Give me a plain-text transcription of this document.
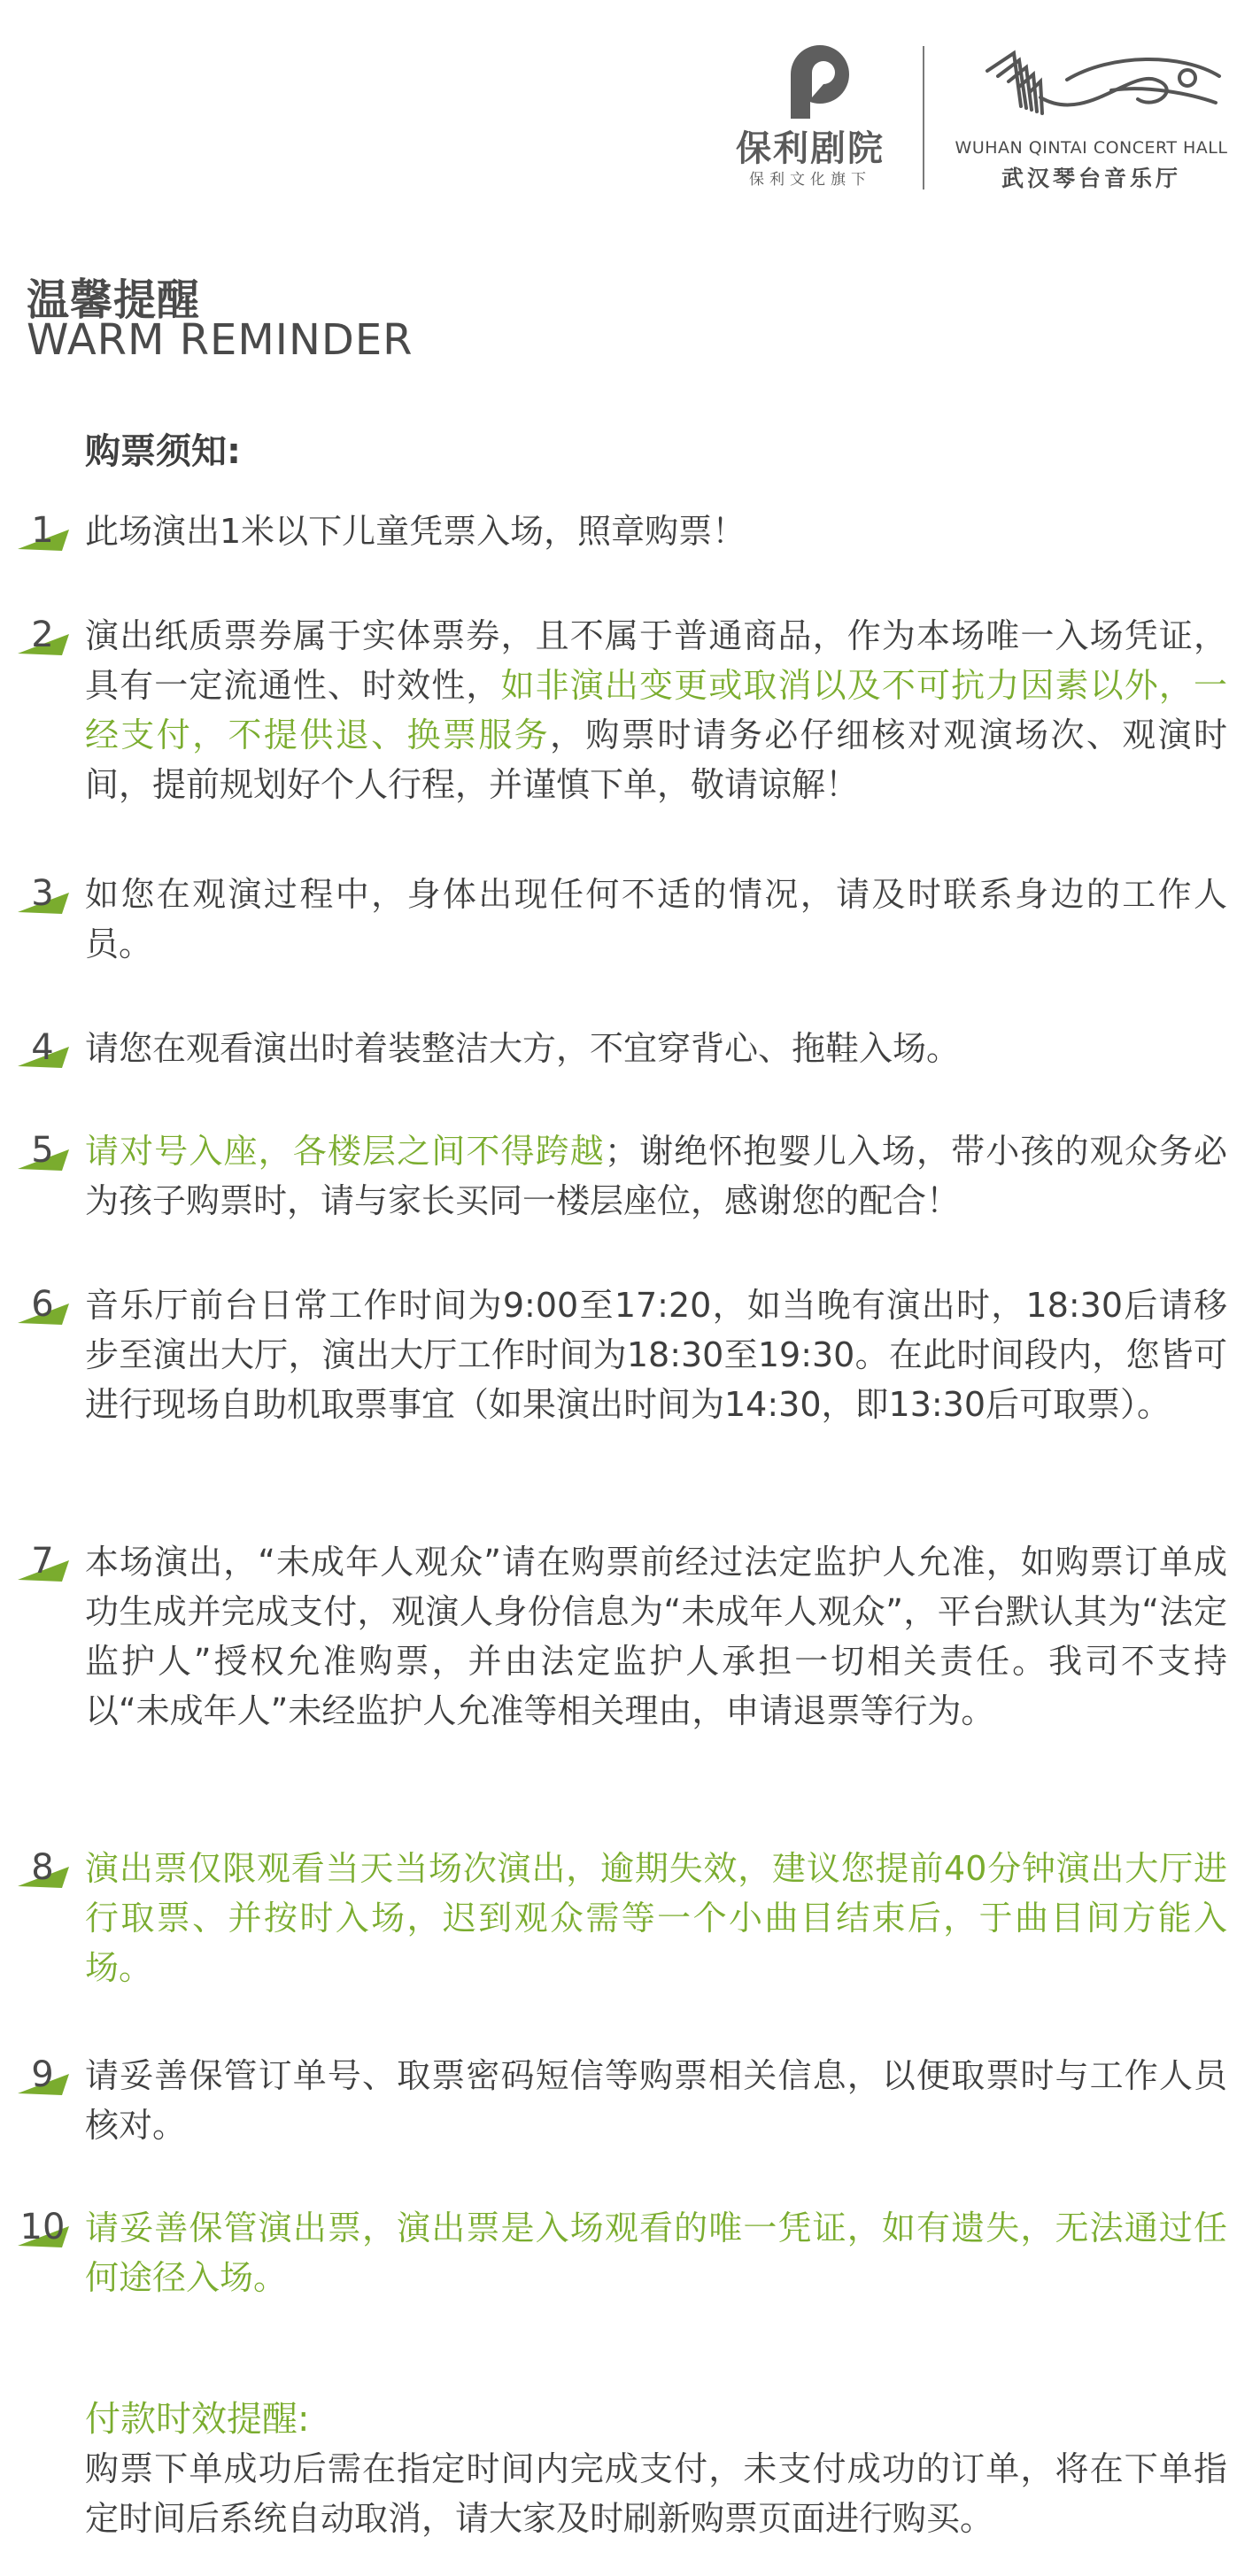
保利剧院
保利文化旗下
WUHAN QINTAI CONCERT HALL
武汉琴台音乐厅
温馨提醒
WARM REMINDER
购票须知:
1 此场演出1米以下儿童凭票入场，照章购票！
2 演出纸质票券属于实体票券，且不属于普通商品，作为本场唯一入场凭证，具有一定流通性、时效性，如非演出变更或取消以及不可抗力因素以外，一经支付，不提供退、换票服务，购票时请务必仔细核对观演场次、观演时间，提前规划好个人行程，并谨慎下单，敬请谅解！
3 如您在观演过程中，身体出现任何不适的情况，请及时联系身边的工作人员。
4 请您在观看演出时着装整洁大方，不宜穿背心、拖鞋入场。
5 请对号入座，各楼层之间不得跨越；谢绝怀抱婴儿入场，带小孩的观众务必为孩子购票时，请与家长买同一楼层座位，感谢您的配合！
6 音乐厅前台日常工作时间为9:00至17:20，如当晚有演出时，18:30后请移步至演出大厅，演出大厅工作时间为18:30至19:30。在此时间段内，您皆可进行现场自助机取票事宜（如果演出时间为14:30，即13:30后可取票）。
7 本场演出，“未成年人观众”请在购票前经过法定监护人允准，如购票订单成功生成并完成支付，观演人身份信息为“未成年人观众”，平台默认其为“法定监护人”授权允准购票，并由法定监护人承担一切相关责任。我司不支持以“未成年人”未经监护人允准等相关理由，申请退票等行为。
8 演出票仅限观看当天当场次演出，逾期失效，建议您提前40分钟演出大厅进行取票、并按时入场，迟到观众需等一个小曲目结束后，于曲目间方能入场。
9 请妥善保管订单号、取票密码短信等购票相关信息，以便取票时与工作人员核对。
10 请妥善保管演出票，演出票是入场观看的唯一凭证，如有遗失，无法通过任何途径入场。
付款时效提醒:
购票下单成功后需在指定时间内完成支付，未支付成功的订单，将在下单指定时间后系统自动取消，请大家及时刷新购票页面进行购买。
